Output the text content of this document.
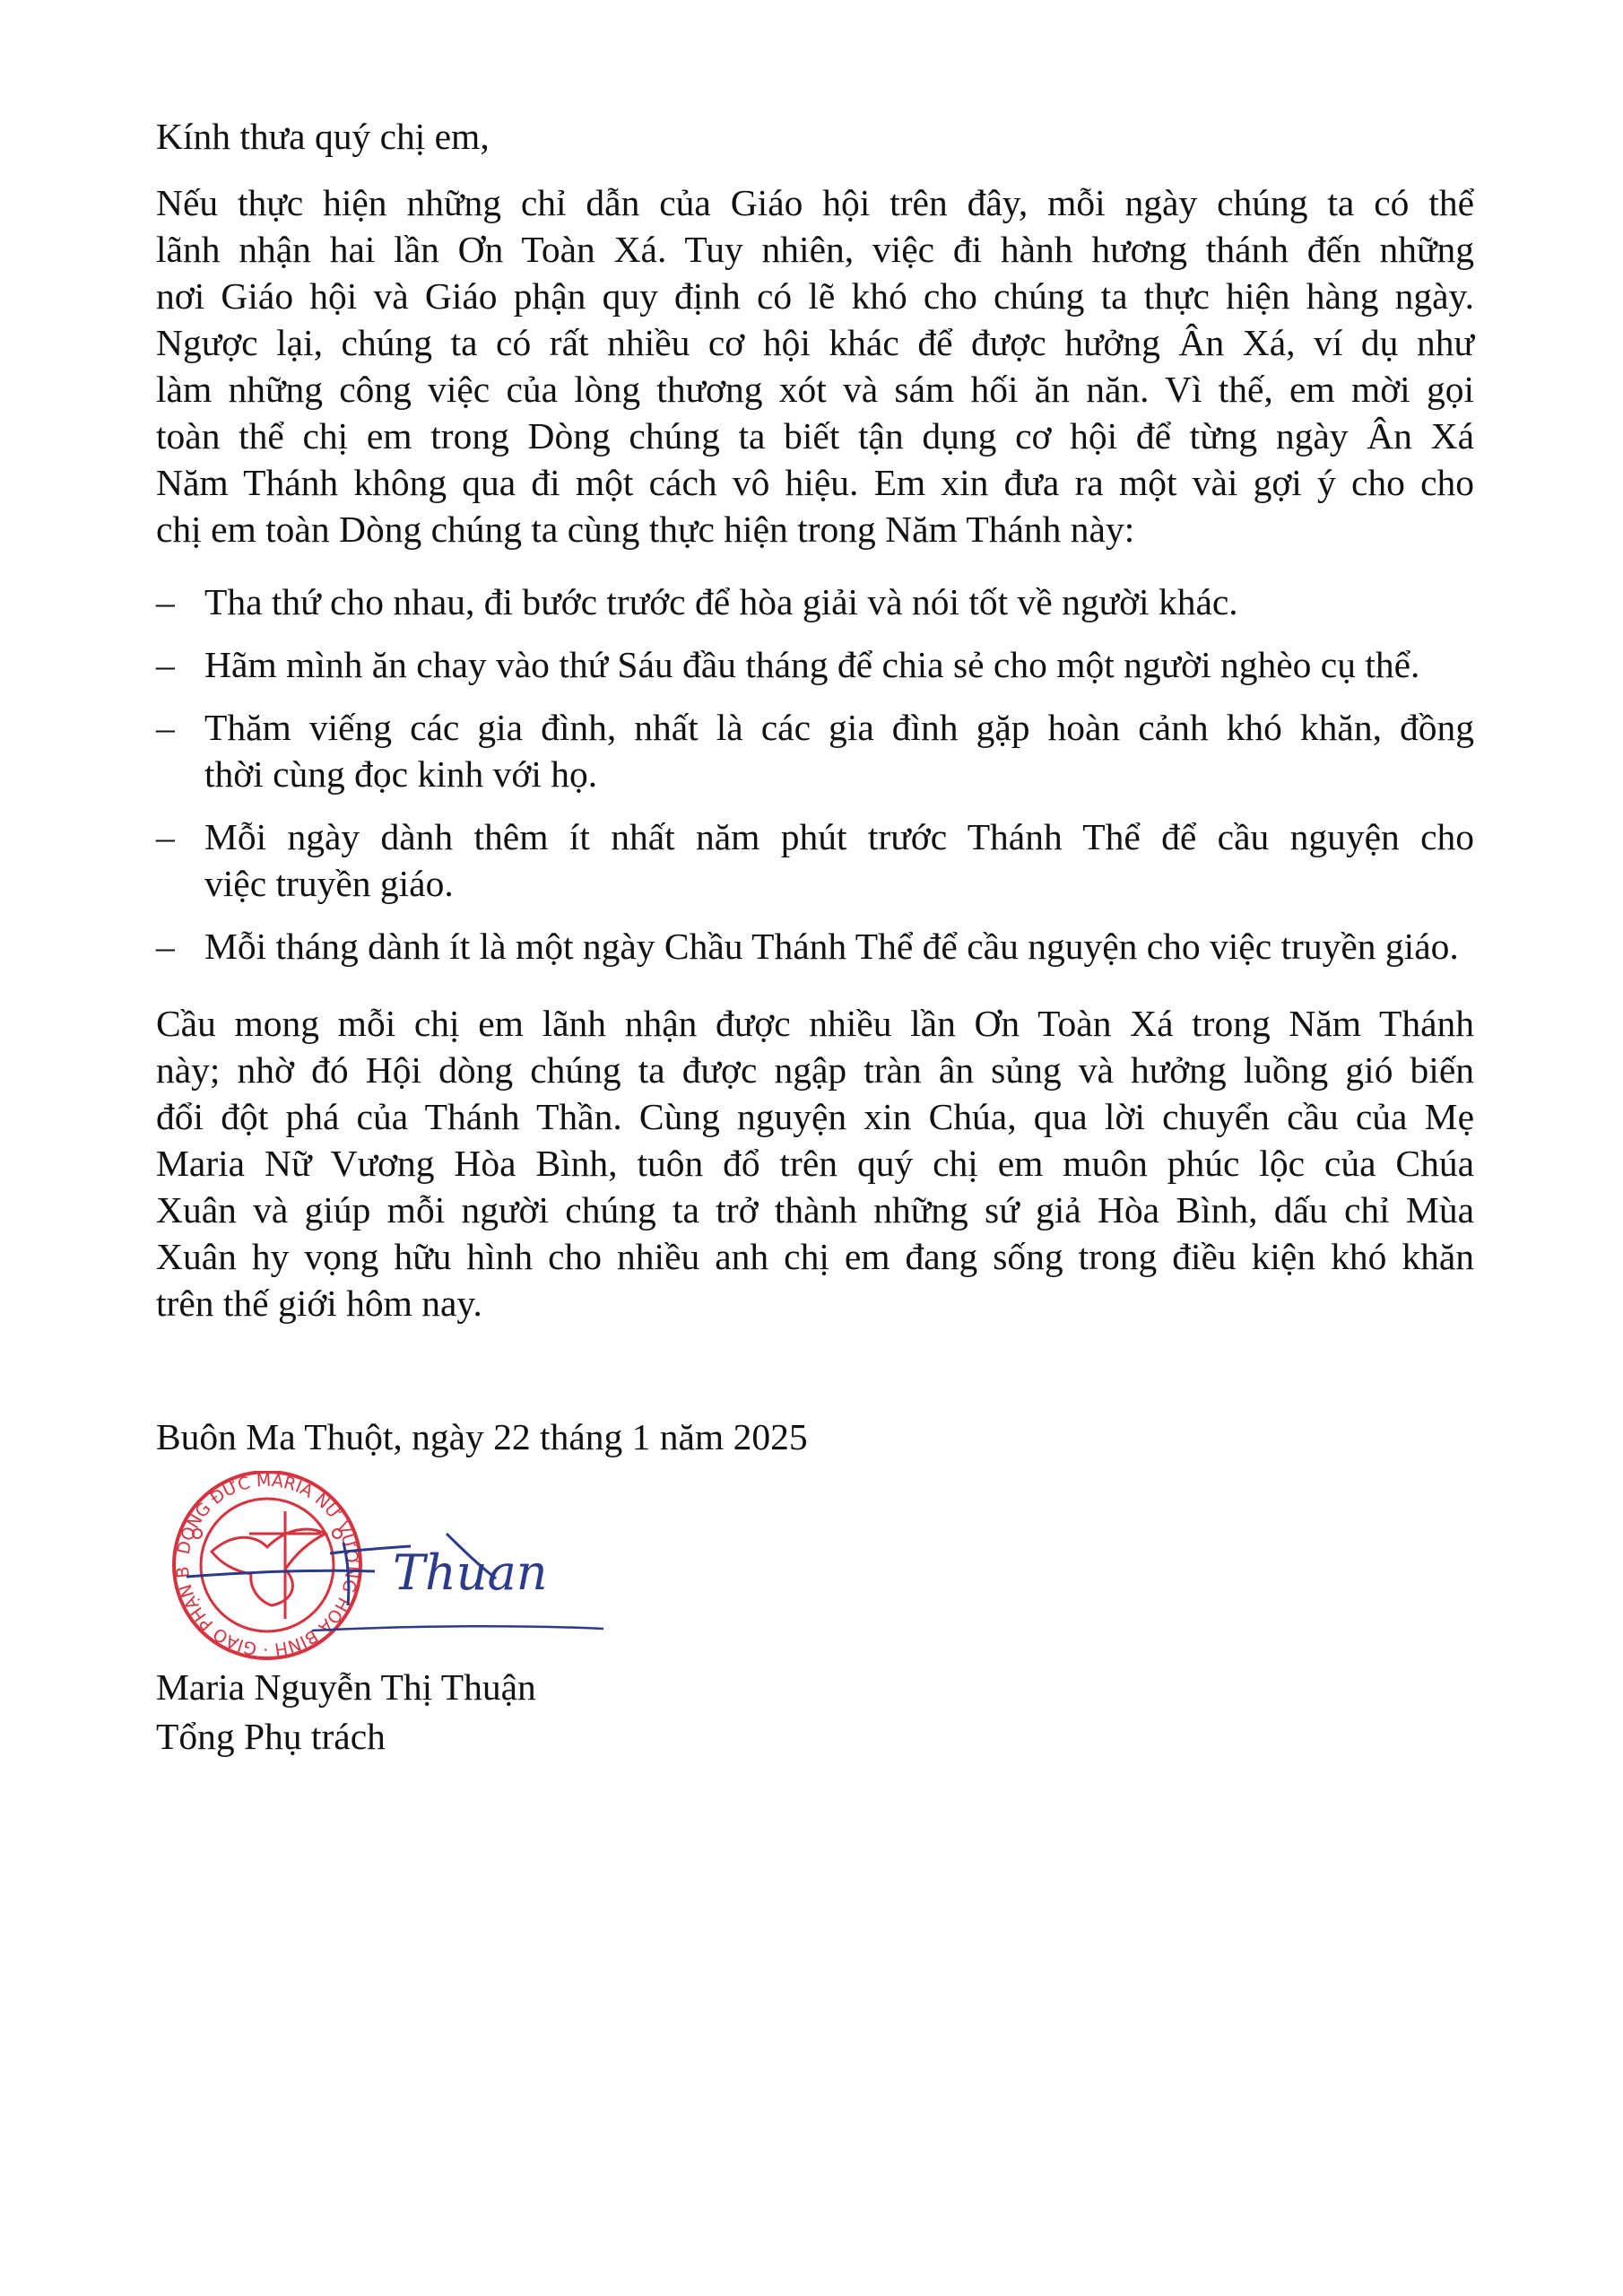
Kính thưa quý chị em,
Nếu thực hiện những chỉ dẫn của Giáo hội trên đây, mỗi ngày chúng ta có thể
lãnh nhận hai lần Ơn Toàn Xá. Tuy nhiên, việc đi hành hương thánh đến những
nơi Giáo hội và Giáo phận quy định có lẽ khó cho chúng ta thực hiện hàng ngày.
Ngược lại, chúng ta có rất nhiều cơ hội khác để được hưởng Ân Xá, ví dụ như
làm những công việc của lòng thương xót và sám hối ăn năn. Vì thế, em mời gọi
toàn thể chị em trong Dòng chúng ta biết tận dụng cơ hội để từng ngày Ân Xá
Năm Thánh không qua đi một cách vô hiệu. Em xin đưa ra một vài gợi ý cho cho
chị em toàn Dòng chúng ta cùng thực hiện trong Năm Thánh này:
– Tha thứ cho nhau, đi bước trước để hòa giải và nói tốt về người khác.
– Hãm mình ăn chay vào thứ Sáu đầu tháng để chia sẻ cho một người nghèo cụ thể.
– Thăm viếng các gia đình, nhất là các gia đình gặp hoàn cảnh khó khăn, đồng
thời cùng đọc kinh với họ.
– Mỗi ngày dành thêm ít nhất năm phút trước Thánh Thể để cầu nguyện cho
việc truyền giáo.
– Mỗi tháng dành ít là một ngày Chầu Thánh Thể để cầu nguyện cho việc truyền giáo.
Cầu mong mỗi chị em lãnh nhận được nhiều lần Ơn Toàn Xá trong Năm Thánh
này; nhờ đó Hội dòng chúng ta được ngập tràn ân sủng và hưởng luồng gió biến
đổi đột phá của Thánh Thần. Cùng nguyện xin Chúa, qua lời chuyển cầu của Mẹ
Maria Nữ Vương Hòa Bình, tuôn đổ trên quý chị em muôn phúc lộc của Chúa
Xuân và giúp mỗi người chúng ta trở thành những sứ giả Hòa Bình, dấu chỉ Mùa
Xuân hy vọng hữu hình cho nhiều anh chị em đang sống trong điều kiện khó khăn
trên thế giới hôm nay.
Buôn Ma Thuột, ngày 22 tháng 1 năm 2025
DÒNG ĐỨC MARIA NỮ VƯƠNG HÒA BÌNH · GIÁO PHẬN B	Thuan
Maria Nguyễn Thị Thuận
Tổng Phụ trách
